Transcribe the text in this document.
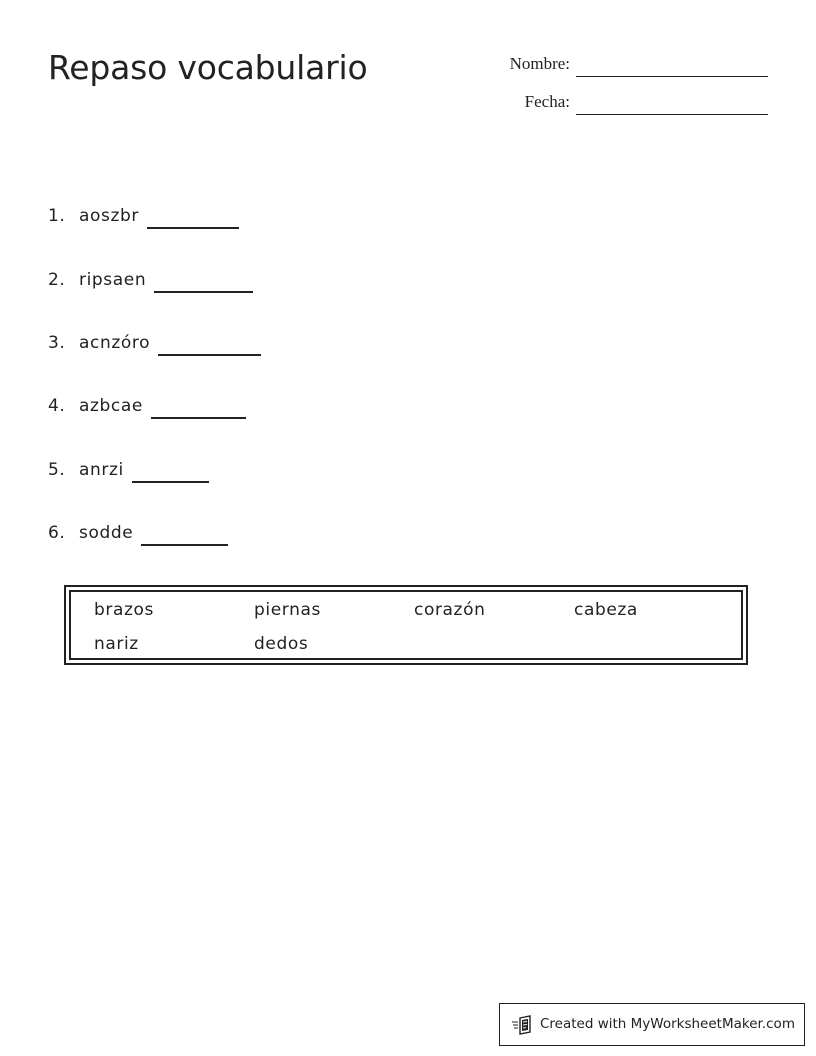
Repaso vocabulario	Nombre:
Fecha:
1. aoszbr
2. ripsaen
3. acnzóro
4. azbcae
5. anrzi
6. sodde
brazos	piernas	corazón	cabeza
nariz	dedos
Created with MyWorksheetMaker.com
